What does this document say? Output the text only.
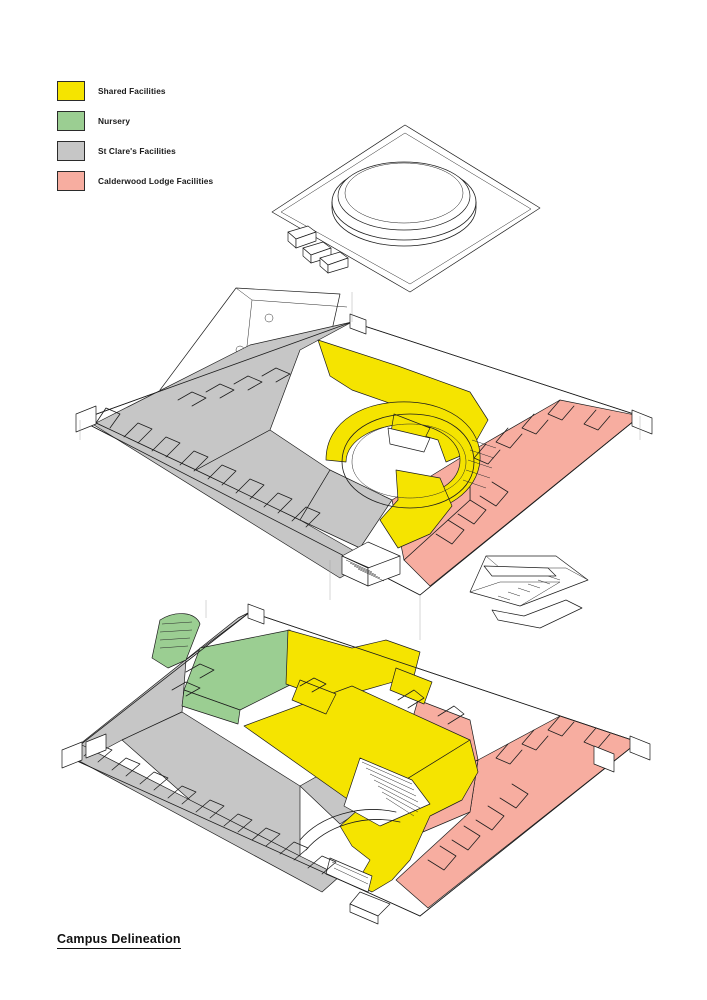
Shared Facilities
Nursery
St Clare's Facilities
Calderwood Lodge Facilities
Campus Delineation
